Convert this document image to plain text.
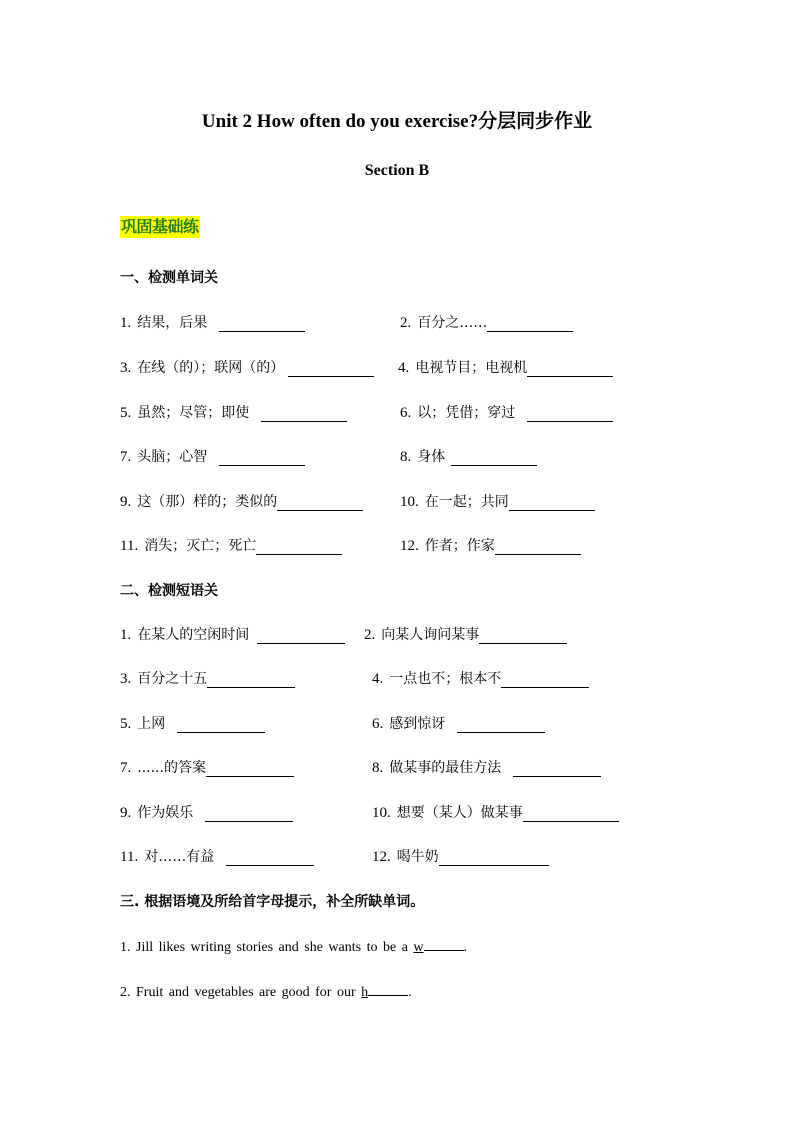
Unit 2 How often do you exercise?分层同步作业
Section B
巩固基础练
一、检测单词关
1. 结果，后果	2. 百分之……
3. 在线（的）；联网（的）	4. 电视节目；电视机
5. 虽然；尽管；即使	6. 以；凭借；穿过
7. 头脑；心智	8. 身体
9. 这（那）样的；类似的	10. 在一起；共同
11. 消失；灭亡；死亡	12. 作者；作家
二、检测短语关
1. 在某人的空闲时间	2. 向某人询问某事
3. 百分之十五	4. 一点也不；根本不
5. 上网	6. 感到惊讶
7. ......的答案	8. 做某事的最佳方法
9. 作为娱乐	10. 想要（某人）做某事
11. 对……有益	12. 喝牛奶
三. 根据语境及所给首字母提示，补全所缺单词。
1. Jill likes writing stories and she wants to be a w	.
2. Fruit and vegetables are good for our h	.
